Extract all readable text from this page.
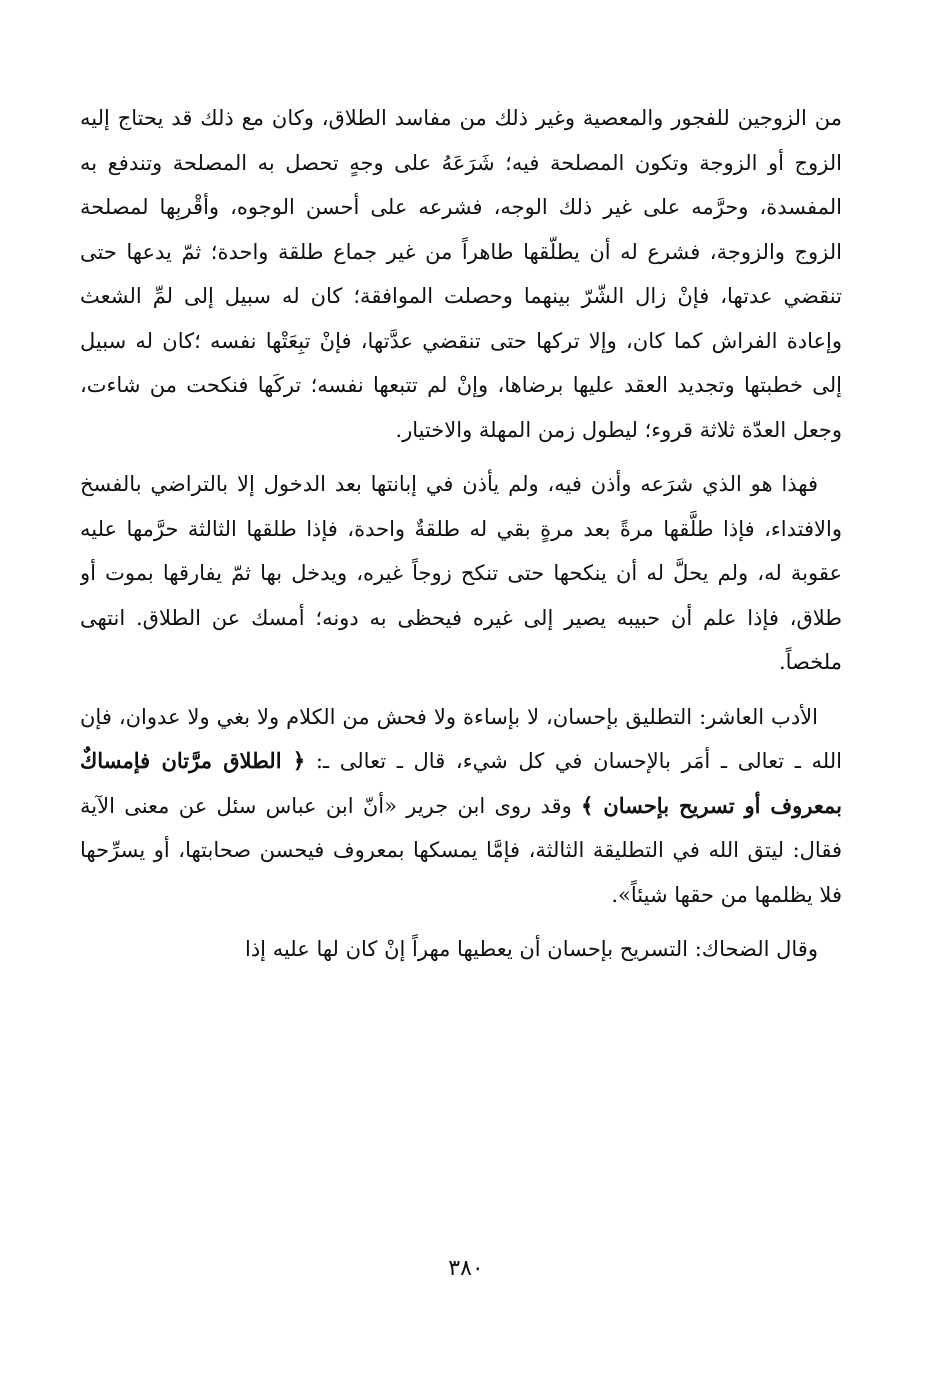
من الزوجين للفجور والمعصية وغير ذلك من مفاسد الطلاق، وكان مع ذلك قد يحتاج إليه الزوج أو الزوجة وتكون المصلحة فيه؛ شَرَعَهُ على وجهٍ تحصل به المصلحة وتندفع به المفسدة، وحرَّمه على غير ذلك الوجه، فشرعه على أحسن الوجوه، وأقْربِها لمصلحة الزوج والزوجة، فشرع له أن يطلّقها طاهراً من غير جماع طلقة واحدة؛ ثمّ يدعها حتى تنقضي عدتها، فإنْ زال الشّرّ بينهما وحصلت الموافقة؛ كان له سبيل إلى لمِّ الشعث وإعادة الفراش كما كان، وإلا تركها حتى تنقضي عدَّتها، فإنْ تبِعَتْها نفسه ؛كان له سبيل إلى خطبتها وتجديد العقد عليها برضاها، وإنْ لم تتبعها نفسه؛ تركَها فنكحت من شاءت، وجعل العدّة ثلاثة قروء؛ ليطول زمن المهلة والاختيار.

فهذا هو الذي شرَعه وأذن فيه، ولم يأذن في إبانتها بعد الدخول إلا بالتراضي بالفسخ والافتداء، فإذا طلَّقها مرةً بعد مرةٍ بقي له طلقةٌ واحدة، فإذا طلقها الثالثة حرَّمها عليه عقوبة له، ولم يحلَّ له أن ينكحها حتى تنكح زوجاً غيره، ويدخل بها ثمّ يفارقها بموت أو طلاق، فإذا علم أن حبيبه يصير إلى غيره فيحظى به دونه؛ أمسك عن الطلاق. انتهى ملخصاً.

الأدب العاشر: التطليق بإحسان، لا بإساءة ولا فحش من الكلام ولا بغي ولا عدوان، فإن الله ـ تعالى ـ أمَر بالإحسان في كل شيء، قال ـ تعالى ـ: ﴿ الطلاق مرَّتان فإمساكٌ بمعروف أو تسريح بإحسان ﴾ وقد روى ابن جرير «أنّ ابن عباس سئل عن معنى الآية فقال: ليتق الله في التطليقة الثالثة، فإمَّا يمسكها بمعروف فيحسن صحابتها، أو يسرِّحها فلا يظلمها من حقها شيئاً».

وقال الضحاك: التسريح بإحسان أن يعطيها مهراً إنْ كان لها عليه إذا

٣٨٠
